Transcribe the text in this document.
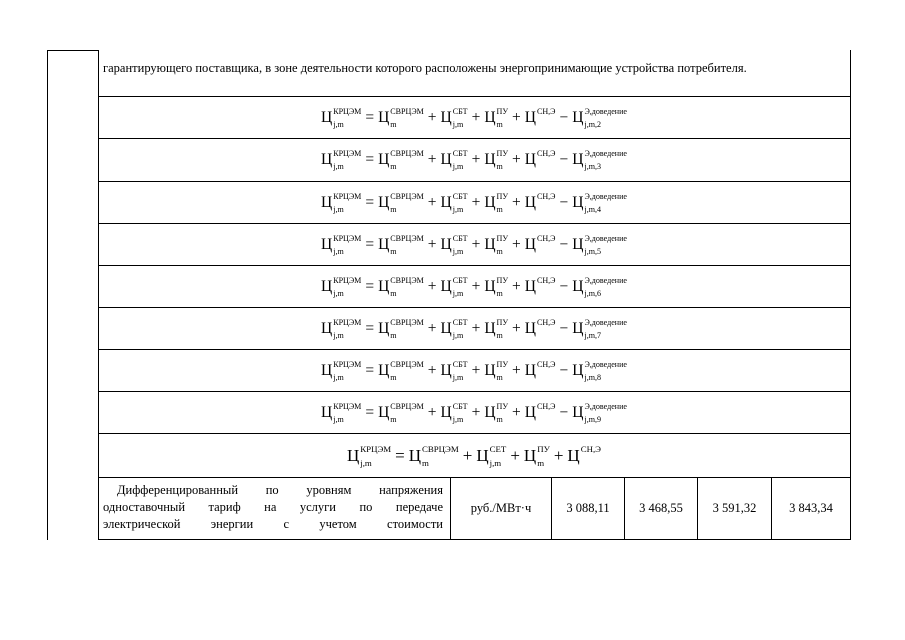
гарантирующего поставщика, в зоне деятельности которого расположены энергопринимающие устройства потребителя.
Ц КРЦЭМ
j,m	= Ц СВРЦЭМ
m	+ Ц СБТ
j,m + Ц ПУ
m + Ц СН,Э
− Ц Э,доведение
j,m,2
Ц КРЦЭМ
j,m	= Ц СВРЦЭМ
m	+ Ц СБТ
j,m + Ц ПУ
m + Ц СН,Э
− Ц Э,доведение
j,m,3
Ц КРЦЭМ
j,m	= Ц СВРЦЭМ
m	+ Ц СБТ
j,m + Ц ПУ
m + Ц СН,Э
− Ц Э,доведение
j,m,4
Ц КРЦЭМ
j,m	= Ц СВРЦЭМ
m	+ Ц СБТ
j,m + Ц ПУ
m + Ц СН,Э
− Ц Э,доведение
j,m,5
Ц КРЦЭМ
j,m	= Ц СВРЦЭМ
m	+ Ц СБТ
j,m + Ц ПУ
m + Ц СН,Э
− Ц Э,доведение
j,m,6
Ц КРЦЭМ
j,m	= Ц СВРЦЭМ
m	+ Ц СБТ
j,m + Ц ПУ
m + Ц СН,Э
− Ц Э,доведение
j,m,7
Ц КРЦЭМ
j,m	= Ц СВРЦЭМ
m	+ Ц СБТ
j,m + Ц ПУ
m + Ц СН,Э
− Ц Э,доведение
j,m,8
Ц КРЦЭМ
j,m	= Ц СВРЦЭМ
m	+ Ц СБТ
j,m + Ц ПУ
m + Ц СН,Э
− Ц Э,доведение
j,m,9
Ц КРЦЭМ
j,m	= Ц СВРЦЭМ
m	+ Ц СЕТ
j,m + Ц ПУ
m + Ц СН,Э

Дифференцированный по уровням напряжения
одноставочный тариф на услуги по передаче
электрической энергии с учетом стоимости
руб./МВт·ч	3 088,11	3 468,55	3 591,32	3 843,34
